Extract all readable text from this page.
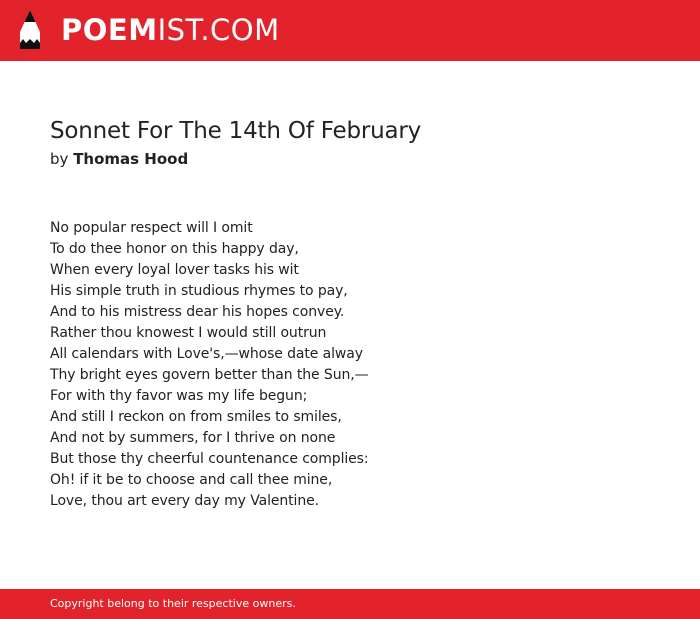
POEMIST.COM
Sonnet For The 14th Of February
by Thomas Hood
No popular respect will I omit
To do thee honor on this happy day,
When every loyal lover tasks his wit
His simple truth in studious rhymes to pay,
And to his mistress dear his hopes convey.
Rather thou knowest I would still outrun
All calendars with Love's,—whose date alway
Thy bright eyes govern better than the Sun,—
For with thy favor was my life begun;
And still I reckon on from smiles to smiles,
And not by summers, for I thrive on none
But those thy cheerful countenance complies:
Oh! if it be to choose and call thee mine,
Love, thou art every day my Valentine.
Copyright belong to their respective owners.
